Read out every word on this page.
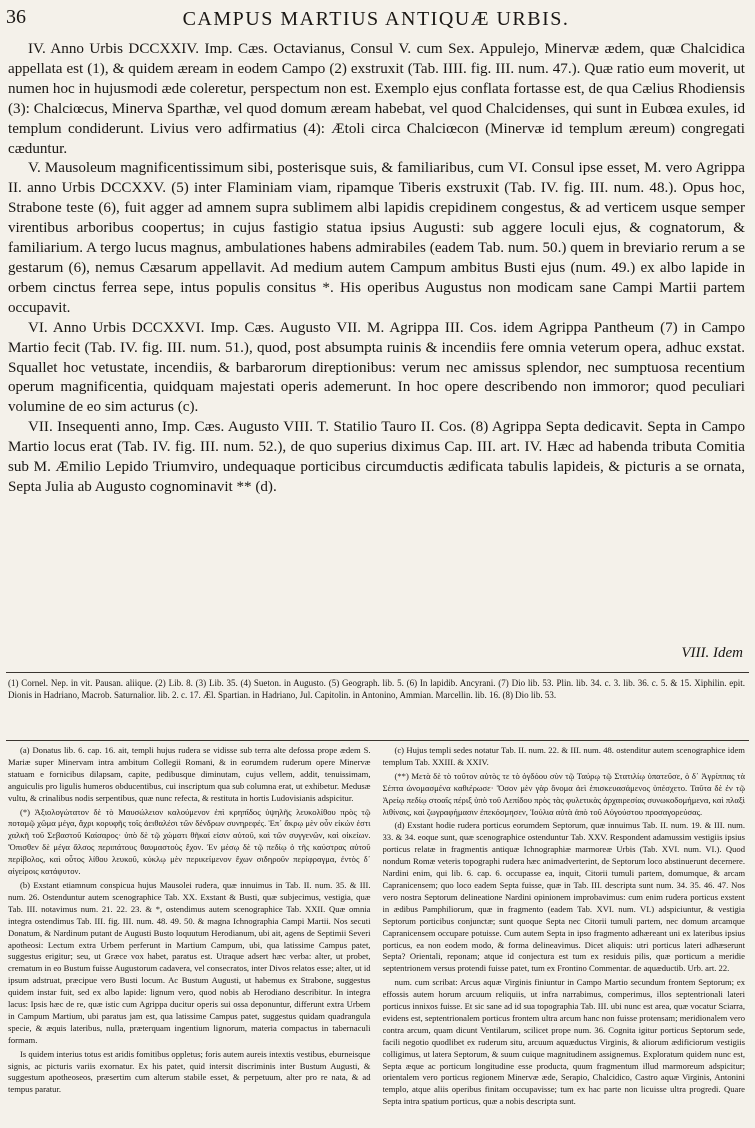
36	CAMPUS MARTIUS ANTIQUÆ URBIS.

IV. Anno Urbis DCCXXIV. Imp. Cæs. Octavianus, Consul V. cum Sex. Appulejo, Minervæ ædem, quæ Chalcidica appellata est (1), & quidem æream in eodem Campo (2) exstruxit (Tab. IIII. fig. III. num. 47.). Quæ ratio eum moverit, ut numen hoc in hujusmodi æde coleretur, perspectum non est. Exemplo ejus conflata fortasse est, de qua Cælius Rhodiensis (3): Chalciœcus, Minerva Sparthæ, vel quod domum æream habebat, vel quod Chalcidenses, qui sunt in Eubœa exules, id templum condiderunt. Livius vero adfirmatius (4): Ætoli circa Chalciœcon (Minervæ id templum æreum) congregati cæduntur.

V. Mausoleum magnificentissimum sibi, posterisque suis, & familiaribus, cum VI. Consul ipse esset, M. vero Agrippa II. anno Urbis DCCXXV. (5) inter Flaminiam viam, ripamque Tiberis exstruxit (Tab. IV. fig. III. num. 48.). Opus hoc, Strabone teste (6), fuit agger ad amnem supra sublimem albi lapidis crepidinem congestus, & ad verticem usque semper virentibus arboribus coopertus; in cujus fastigio statua ipsius Augusti: sub aggere loculi ejus, & cognatorum, & familiarium. A tergo lucus magnus, ambulationes habens admirabiles (eadem Tab. num. 50.) quem in breviario rerum a se gestarum (6), nemus Cæsarum appellavit. Ad medium autem Campum ambitus Busti ejus (num. 49.) ex albo lapide in orbem cinctus ferrea sepe, intus populis consitus *. His operibus Augustus non modicam sane Campi Martii partem occupavit.

VI. Anno Urbis DCCXXVI. Imp. Cæs. Augusto VII. M. Agrippa III. Cos. idem Agrippa Pantheum (7) in Campo Martio fecit (Tab. IV. fig. III. num. 51.), quod, post absumpta ruinis & incendiis fere omnia veterum opera, adhuc exstat. Squallet hoc vetustate, incendiis, & barbarorum direptionibus: verum nec amissus splendor, nec sumptuosa recentium operum magnificentia, quidquam majestati operis ademerunt. In hoc opere describendo non immoror; quod peculiari volumine de eo sim acturus (c).

VII. Insequenti anno, Imp. Cæs. Augusto VIII. T. Statilio Tauro II. Cos. (8) Agrippa Septa dedicavit. Septa in Campo Martio locus erat (Tab. IV. fig. III. num. 52.), de quo superius diximus Cap. III. art. IV. Hæc ad habenda tributa Comitia sub M. Æmilio Lepido Triumviro, undequaque porticibus circumductis ædificata tabulis lapideis, & picturis a se ornata, Septa Julia ab Augusto cognominavit ** (d).

VIII. Idem

(1) Cornel. Nep. in vit. Pausan. aliique. (2) Lib. 8. (3) Lib. 35. (4) Sueton. in Augusto. (5) Geograph. lib. 5. (6) In lapidib. Ancyrani. (7) Dio lib. 53. Plin. lib. 34. c. 3. lib. 36. c. 5. & 15. Xiphilin. epit. Dionis in Hadriano, Macrob. Saturnalior. lib. 2. c. 17. Æl. Spartian. in Hadriano, Jul. Capitolin. in Antonino, Ammian. Marcellin. lib. 16. (8) Dio lib. 53.

(a) Donatus lib. 6. cap. 16. ait, templi hujus rudera se vidisse sub terra alte defossa prope ædem S. Mariæ super Minervam intra ambitum Collegii Romani, & in eorumdem ruderum opere Minervæ statuam e fornicibus dilapsam, capite, pedibusque diminutam, cujus vellem, addit, tenuissimam, anguiculis pro ligulis humeros obducentibus, cui inscriptum qua sub columna erat, ut exhibetur. Medusæ vultu, & crinalibus nodis serpentibus, quæ nunc refecta, & restituta in hortis Ludovisianis adspicitur.

(*) Ἀξιολογώτατον δὲ τὸ Μαυσώλειον καλούμενον ἐπὶ κρηπῖδος ὑψηλῆς λευκολίθου πρὸς τῷ ποταμῷ χῶμα μέγα, ἄχρι κορυφῆς τοῖς ἀειθαλέσι τῶν δένδρων συνηρεφές. Ἐπ᾽ ἄκρῳ μὲν οὖν εἰκών ἐστι χαλκῆ τοῦ Σεβαστοῦ Καίσαρος· ὑπὸ δὲ τῷ χώματι θῆκαί εἰσιν αὐτοῦ, καὶ τῶν συγγενῶν, καὶ οἰκείων. Ὄπισθεν δὲ μέγα ἄλσος περιπάτους θαυμαστοὺς ἔχον. Ἐν μέσῳ δὲ τῷ πεδίῳ ὁ τῆς καύστρας αὐτοῦ περίβολος, καὶ οὗτος λίθου λευκοῦ, κύκλῳ μὲν περικείμενον ἔχων σιδηροῦν περίφραγμα, ἐντὸς δ᾽ αἰγείροις κατάφυτον.

(b) Exstant etiamnum conspicua hujus Mausolei rudera, quæ innuimus in Tab. II. num. 35. & III. num. 26. Ostenduntur autem scenographice Tab. XX. Exstant & Busti, quæ subjecimus, vestigia, quæ Tab. III. notavimus num. 21. 22. 23. & *, ostendimus autem scenographice Tab. XXII. Quæ omnia integra ostendimus Tab. III. fig. III. num. 48. 49. 50. & magna Ichnographia Campi Martii. Nos secuti Donatum, & Nardinum putant de Augusti Busto loquutum Herodianum, ubi ait, agens de Septimii Severi apotheosi: Lectum extra Urbem perferunt in Martium Campum, ubi, qua latissime Campus patet, suggestus erigitur; seu, ut Græce vox habet, paratus est. Utraque adsert hæc verba: alter, ut probet, crematum in eo Bustum fuisse Augustorum cadavera, vel consecratos, inter Divos relatos esse; alter, ut id ipsum adstruat, præcipue vero Busti locum. Ac Bustum Augusti, ut habemus ex Strabone, suggestus quidem instar fuit, sed ex albo lapide: lignum vero, quod nobis ab Herodiano describitur. In integra lacus: Ipsis hæc de re, quæ istic cum Agrippa ducitur operis sui ossa deponuntur, differunt extra Urbem in Campum Martium, ubi paratus jam est, qua latissime Campus patet, suggestus quidam quadrangula specie, & æquis lateribus, nulla, præterquam ingentium lignorum, materia compactus in tabernaculi formam.

Is quidem interius totus est aridis fomitibus oppletus; foris autem aureis intextis vestibus, eburneisque signis, ac picturis variis exornatur. Ex his patet, quid intersit discriminis inter Bustum Augusti, & suggestum apotheoseos, præsertim cum alterum stabile esset, & perpetuum, alter pro re nata, & ad tempus paratur.

(c) Hujus templi sedes notatur Tab. II. num. 22. & III. num. 48. ostenditur autem scenographice idem templum Tab. XXIII. & XXIV.

(**) Μετὰ δὲ τὸ τοῦτον αὐτὸς τε τὸ ὀγδόου σὺν τῷ Ταύρῳ τῷ Στατιλίῳ ὑπατεῦσε, ὁ δ᾽ Ἀγρίππας τὰ Σέπτα ὠνομασμένα καθιέρωσε· Ὅσον μὲν γὰρ ὄνομα ἀεὶ ἐπισκευασάμενος ὑπέσχετο. Ταῦτα δὲ ἐν τῷ Ἀρείῳ πεδίῳ στοαῖς πέριξ ὑπὸ τοῦ Λεπίδου πρὸς τὰς φυλετικὰς ἀρχαιρεσίας συνωκοδομήμενα, καὶ πλαξὶ λιθίναις, καὶ ζωγραφήμασιν ἐπεκόσμησεν, Ἰούλια αὐτὰ ἀπὸ τοῦ Αὐγούστου προσαγορεύσας.

(d) Exstant hodie rudera porticus eorumdem Septorum, quæ innuimus Tab. II. num. 19. & III. num. 33. & 34. eoque sunt, quæ scenographice ostenduntur Tab. XXV. Respondent adamussim vestigiis ipsius porticus relatæ in fragmentis antiquæ Ichnographiæ marmoreæ Urbis (Tab. XVI. num. VI.). Quod nondum Romæ veteris topographi rudera hæc animadverterint, de Septorum loco abstinuerunt decernere. Nardini enim, qui lib. 6. cap. 6. occupasse ea, inquit, Citorii tumuli partem, domumque, & arcam Capranicensem; quo loco eadem Septa fuisse, quæ in Tab. III. descripta sunt num. 34. 35. 46. 47. Nos vero nostra Septorum delineatione Nardini opinionem improbavimus: cum enim rudera porticus exstent in ædibus Pamphiliorum, quæ in fragmento (eadem Tab. XVI. num. VI.) adspiciuntur, & vestigia Septorum porticibus conjunctæ; sunt quoque Septa nec Citorii tumuli partem, nec domum arcamque Capranicensem occupare potuisse. Cum autem Septa in ipso fragmento adhæreant uni ex lateribus ipsius porticus, ea non eodem modo, & forma delineavimus. Dicet aliquis: utri porticus lateri adhæserunt Septa? Orientali, reponam; atque id conjectura est tum ex residuis pilis, quæ porticum a meridie septentrionem versus protendi fuisse patet, tum ex Frontino Commentar. de aquæductib. Urb. art. 22.

num. cum scribat: Arcus aquæ Virginis finiuntur in Campo Martio secundum frontem Septorum; ex effossis autem horum arcuum reliquiis, ut infra narrabimus, comperimus, illos septentrionali lateri porticus innixos fuisse. Et sic sane ad id sua topographia Tab. III. ubi nunc est area, quæ vocatur Sciarra, evidens est, septentrionalem porticus frontem ultra arcum hanc non fuisse protensam; meridionalem vero contra arcum, quam dicunt Ventilarum, scilicet prope num. 36. Cognita igitur porticus Septorum sede, facili negotio quodlibet ex ruderum situ, arcuum aquæductus Virginis, & aliorum ædificiorum vestigiis colligimus, ut latera Septorum, & suum cuique magnitudinem assignemus. Exploratum quidem nunc est, Septa æque ac porticum longitudine esse producta, quum fragmentum illud marmoreum adspicitur; orientalem vero porticus regionem Minervæ æde, Serapio, Chalcidico, Castro aquæ Virginis, Antonini templo, atque aliis operibus finitam occupavisse; tum ex hac parte non licuisse ultra progredi. Quare Septa intra spatium porticus, quæ a nobis descripta sunt.
